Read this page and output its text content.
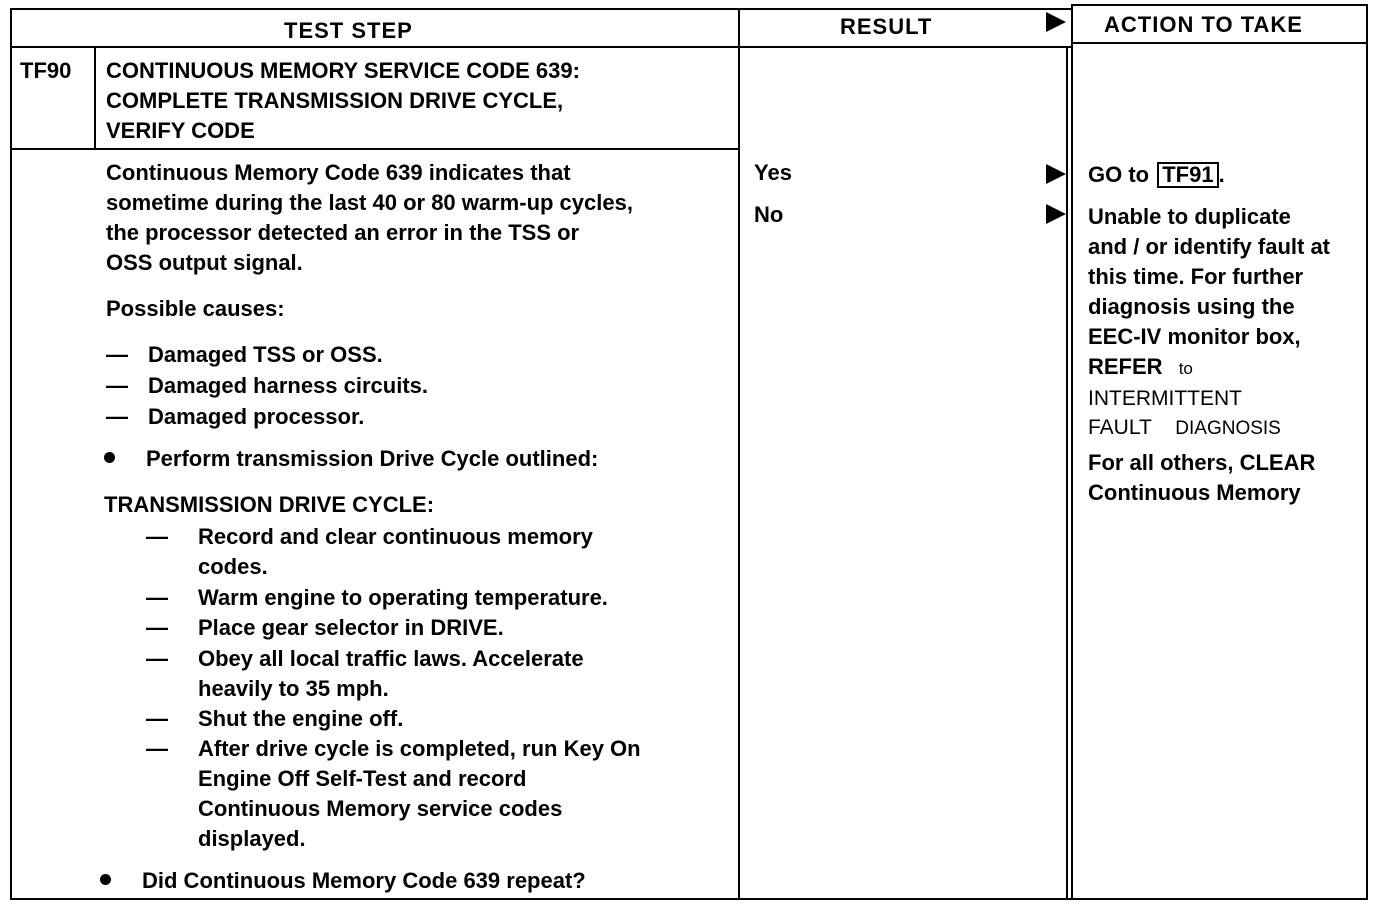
TEST STEP	RESULT	ACTION TO TAKE
TF90 CONTINUOUS MEMORY SERVICE CODE 639:

COMPLETE TRANSMISSION DRIVE CYCLE,

VERIFY CODE

Continuous Memory Code 639 indicates that

sometime during the last 40 or 80 warm-up cycles,

the processor detected an error in the TSS or

OSS output signal.

Possible causes:
— Damaged TSS or OSS.
— Damaged harness circuits.
— Damaged processor.
Perform transmission Drive Cycle outlined:
TRANSMISSION DRIVE CYCLE:
— Record and clear continuous memory

codes.

— Warm engine to operating temperature.

— Place gear selector in DRIVE.

— Obey all local traffic laws. Accelerate

heavily to 35 mph.

— Shut the engine off.

— After drive cycle is completed, run Key On

Engine Off Self-Test and record

Continuous Memory service codes

displayed.

Did Continuous Memory Code 639 repeat?
Yes
No
GO to TF91 .

Unable to duplicate

and / or identify fault at

this time. For further

diagnosis using the

EEC-IV monitor box,

REFER to

INTERMITTENT

FAULT DIAGNOSIS

For all others, CLEAR

Continuous Memory
